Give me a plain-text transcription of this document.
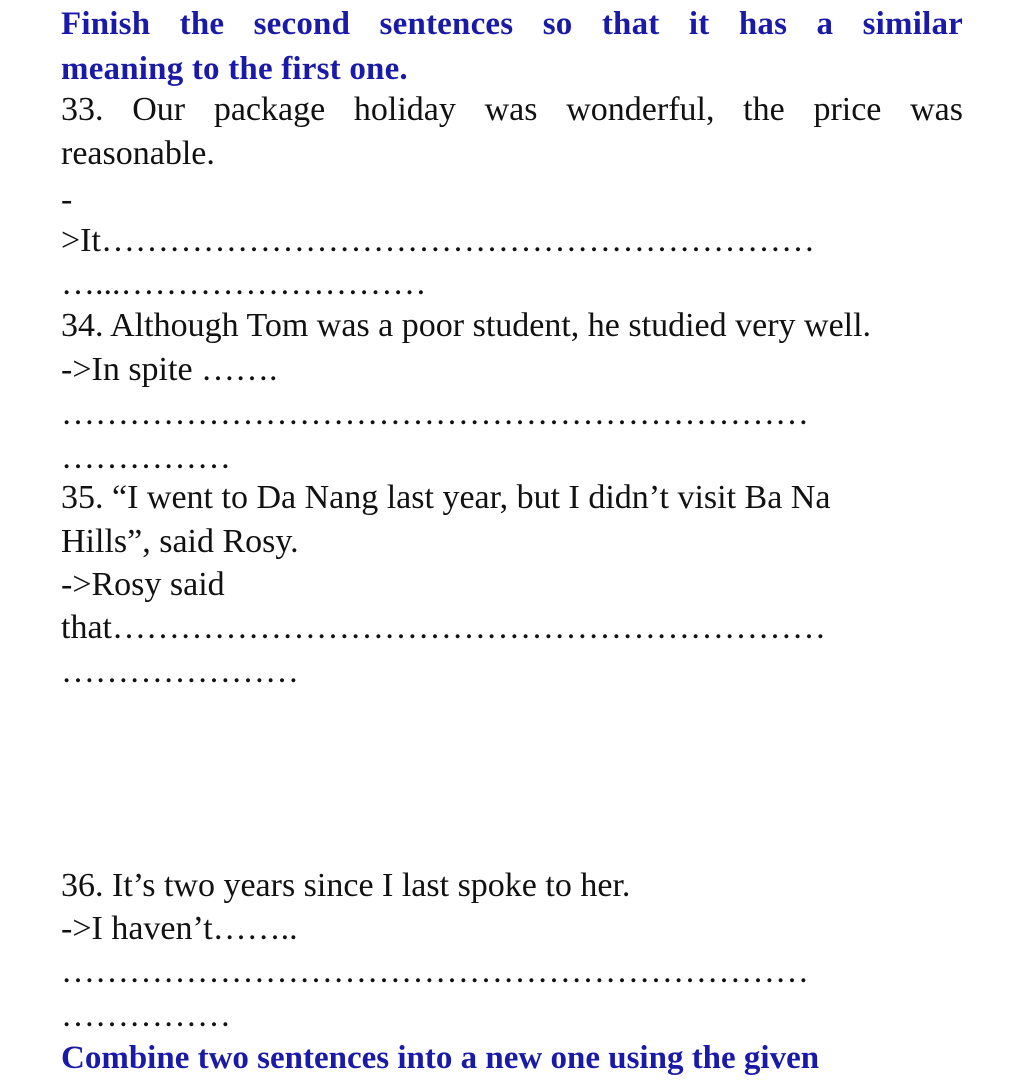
Finish the second sentences so that it has a similar
meaning to the first one.
33. Our package holiday was wonderful, the price was
reasonable.
-
>It………………………………………………………
…...………………………
34. Although Tom was a poor student, he studied very well.
->In spite …….
…………………………………………………………
……………
35. “I went to Da Nang last year, but I didn’t visit Ba Na
Hills”, said Rosy.
->Rosy said
that………………………………………………………
…………………
36. It’s two years since I last spoke to her.
->I haven’t……..
…………………………………………………………
……………
Combine two sentences into a new one using the given
